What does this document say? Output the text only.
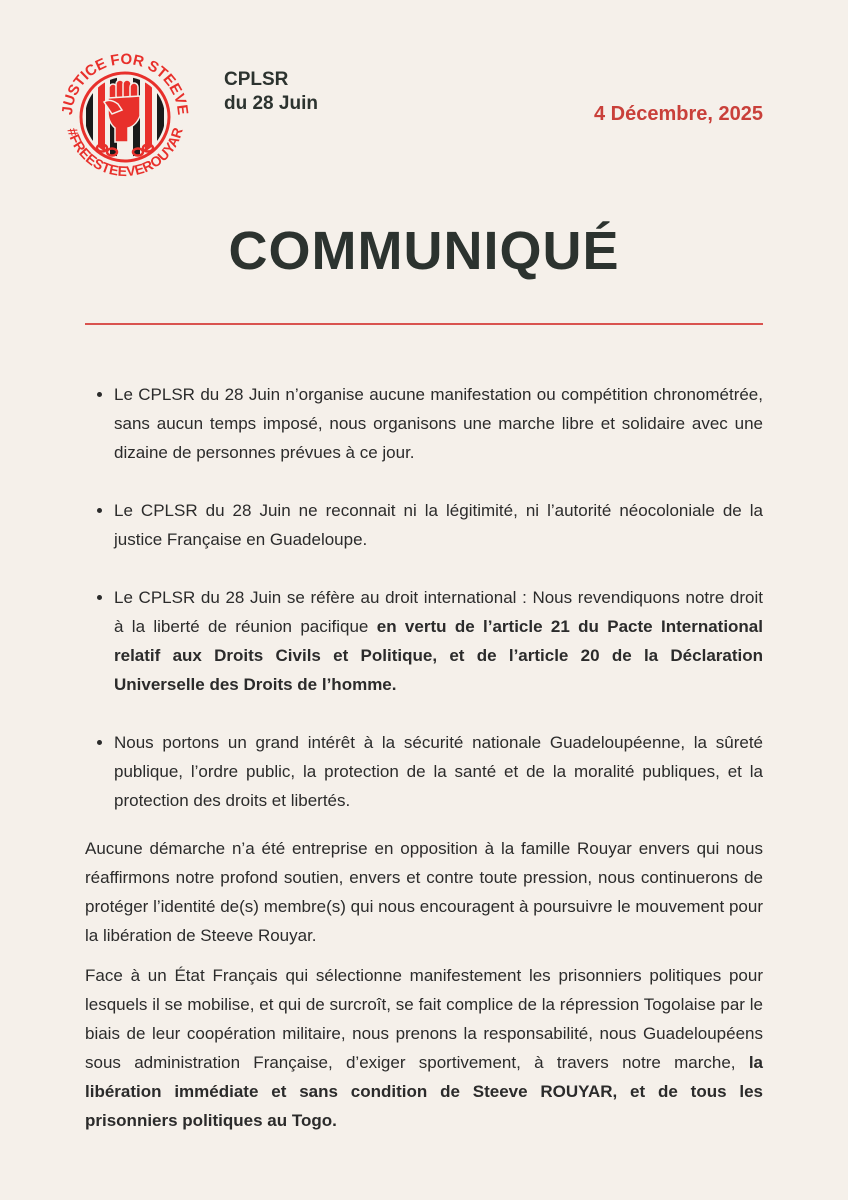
JUSTICE FOR STEEVE
#FREESTEEVEROUYAR
CPLSR
du 28 Juin	4 Décembre, 2025
COMMUNIQUÉ
Le CPLSR du 28 Juin n’organise aucune manifestation ou compétition chronométrée, sans aucun temps imposé, nous organisons une marche libre et solidaire avec une dizaine de personnes prévues à ce jour.
Le CPLSR du 28 Juin ne reconnait ni la légitimité, ni l’autorité néocoloniale de la justice Française en Guadeloupe.
Le CPLSR du 28 Juin se réfère au droit international : Nous revendiquons notre droit à la liberté de réunion pacifique en vertu de l’article 21 du Pacte International relatif aux Droits Civils et Politique, et de l’article 20 de la Déclaration Universelle des Droits de l’homme.
Nous portons un grand intérêt à la sécurité nationale Guadeloupéenne, la sûreté publique, l’ordre public, la protection de la santé et de la moralité publiques, et la protection des droits et libertés.

Aucune démarche n’a été entreprise en opposition à la famille Rouyar envers qui nous réaffirmons notre profond soutien, envers et contre toute pression, nous continuerons de protéger l’identité de(s) membre(s) qui nous encouragent à poursuivre le mouvement pour la libération de Steeve Rouyar.

Face à un État Français qui sélectionne manifestement les prisonniers politiques pour lesquels il se mobilise, et qui de surcroît, se fait complice de la répression Togolaise par le biais de leur coopération militaire, nous prenons la responsabilité, nous Guadeloupéens sous administration Française, d’exiger sportivement, à travers notre marche, la libération immédiate et sans condition de Steeve ROUYAR, et de tous les prisonniers politiques au Togo.
